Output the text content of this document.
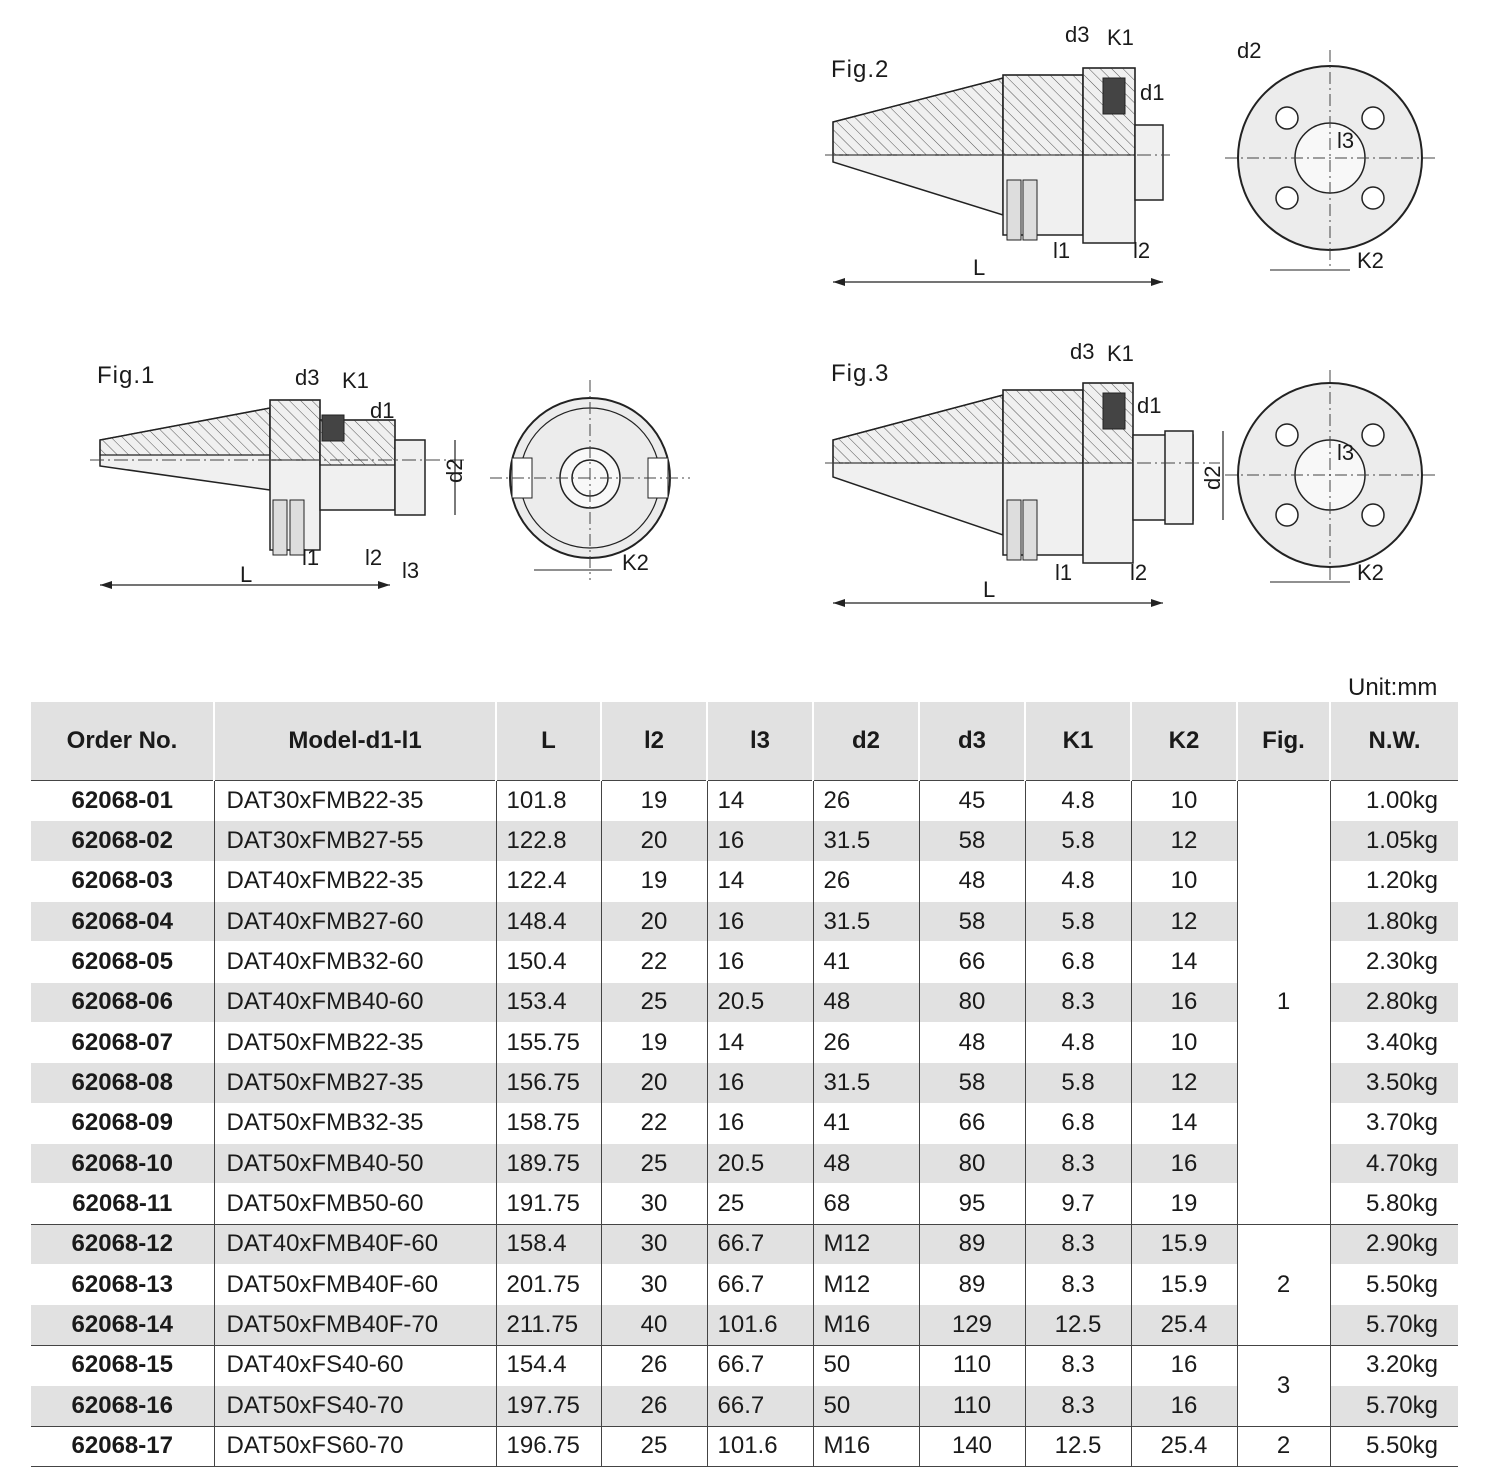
Fig.1
L
l1 l2
l3
d3 K1
d1
d2
K2
Fig.2
L
l1	l2
d3 K1
d1
d2
l3
K2
Fig.3
L
l1	l2
d3 K1
d1
d2
l3
K2
Unit:mm
Order No.	Model-d1-l1	L	l2	l3	d2	d3	K1	K2	Fig.	N.W.
62068-01	DAT30xFMB22-35	101.8	19	14	26	45	4.8	10	1	1.00kg
62068-02	DAT30xFMB27-55	122.8	20	16	31.5	58	5.8	12		1.05kg
62068-03	DAT40xFMB22-35	122.4	19	14	26	48	4.8	10		1.20kg
62068-04	DAT40xFMB27-60	148.4	20	16	31.5	58	5.8	12		1.80kg
62068-05	DAT40xFMB32-60	150.4	22	16	41	66	6.8	14		2.30kg
62068-06	DAT40xFMB40-60	153.4	25	20.5	48	80	8.3	16		2.80kg
62068-07	DAT50xFMB22-35	155.75	19	14	26	48	4.8	10		3.40kg
62068-08	DAT50xFMB27-35	156.75	20	16	31.5	58	5.8	12		3.50kg
62068-09	DAT50xFMB32-35	158.75	22	16	41	66	6.8	14		3.70kg
62068-10	DAT50xFMB40-50	189.75	25	20.5	48	80	8.3	16		4.70kg
62068-11	DAT50xFMB50-60	191.75	30	25	68	95	9.7	19		5.80kg
62068-12	DAT40xFMB40F-60	158.4	30	66.7	M12	89	8.3	15.9	2	2.90kg
62068-13	DAT50xFMB40F-60	201.75	30	66.7	M12	89	8.3	15.9		5.50kg
62068-14	DAT50xFMB40F-70	211.75	40	101.6	M16	129	12.5	25.4		5.70kg
62068-15	DAT40xFS40-60	154.4	26	66.7	50	110	8.3	16	3	3.20kg
62068-16	DAT50xFS40-70	197.75	26	66.7	50	110	8.3	16		5.70kg
62068-17	DAT50xFS60-70	196.75	25	101.6	M16	140	12.5	25.4	2	5.50kg
